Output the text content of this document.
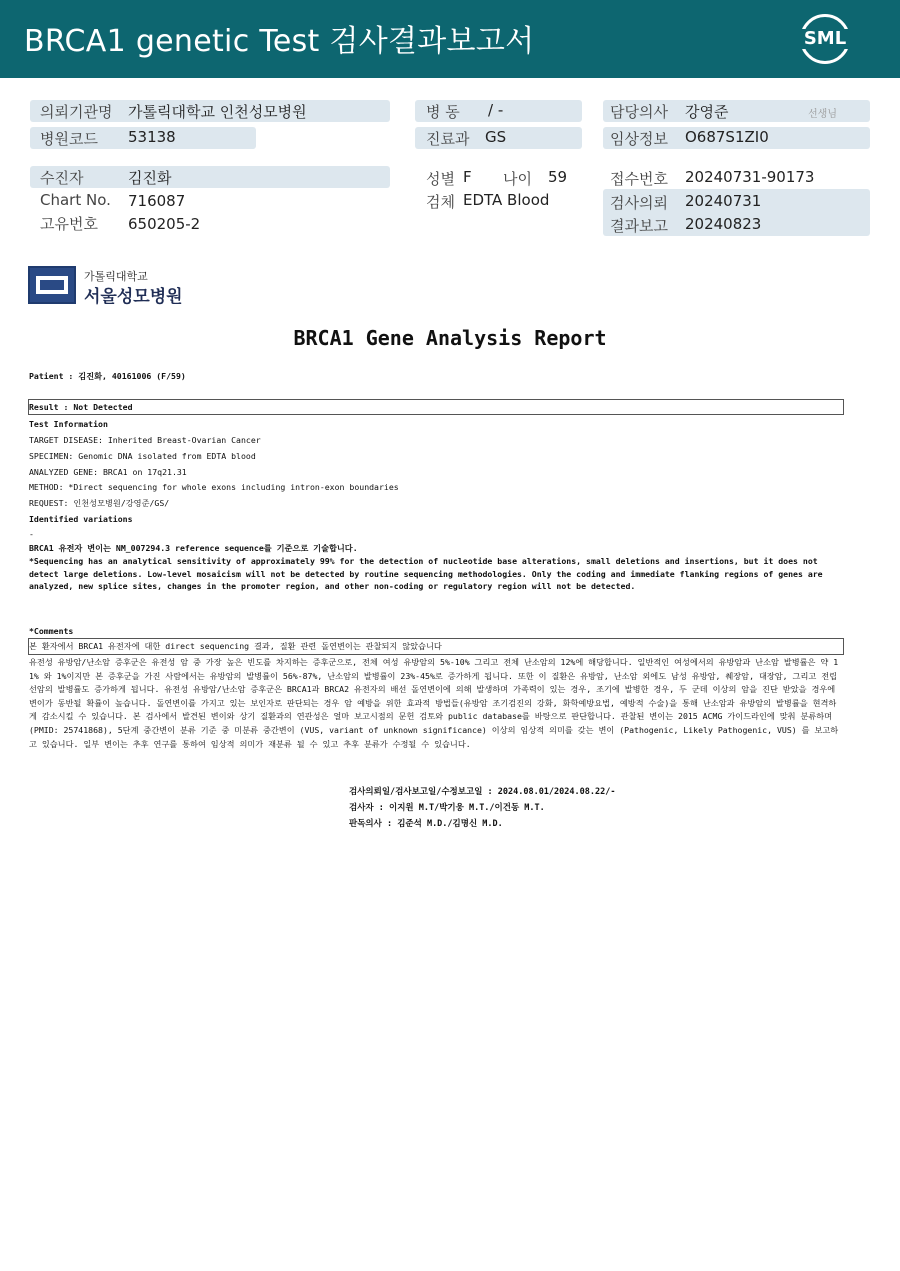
BRCA1 genetic Test 검사결과보고서	SML
의뢰기관명 가톨릭대학교 인천성모병원	병 동 / -	담당의사 강영준	선생님
병원코드 53138	진료과 GS	임상정보 O687S1ZI0
수진자	김진화	성별 F 나이 59	접수번호 20240731-90173
Chart No. 716087	검체 EDTA Blood	검사의뢰 20240731
고유번호 650205-2	결과보고 20240823
가톨릭대학교
서울성모병원
BRCA1 Gene Analysis Report
Patient : 김진화, 40161006 (F/59)
Result : Not Detected
Test Information
TARGET DISEASE: Inherited Breast-Ovarian Cancer
SPECIMEN: Genomic DNA isolated from EDTA blood
ANALYZED GENE: BRCA1 on 17q21.31
METHOD: *Direct sequencing for whole exons including intron-exon boundaries
REQUEST: 인천성모병원/강영준/GS/
Identified variations
-
BRCA1 유전자 변이는 NM_007294.3 reference sequence를 기준으로 기술합니다.
*Sequencing has an analytical sensitivity of approximately 99% for the detection of nucleotide base alterations, small deletions and insertions, but it does not detect large deletions. Low-level mosaicism will not be detected by routine sequencing methodologies. Only the coding and immediate flanking regions of genes are analyzed, new splice sites, changes in the promoter region, and other non-coding or regulatory region will not be detected.
*Comments
본 환자에서 BRCA1 유전자에 대한 direct sequencing 결과, 질환 관련 돌연변이는 관찰되지 않았습니다
유전성 유방암/난소암 증후군은 유전성 암 중 가장 높은 빈도를 차지하는 증후군으로, 전체 여성 유방암의 5%-10% 그리고 전체 난소암의 12%에 해당합니다. 일반적인 여성에서의 유방암과 난소암 발병률은 약 11% 와 1%이지만 본 증후군을 가진 사람에서는 유방암의 발병률이 56%-87%, 난소암의 발병률이 23%-45%로 증가하게 됩니다. 또한 이 질환은 유방암, 난소암 외에도 남성 유방암, 췌장암, 대장암, 그리고 전립선암의 발병률도 증가하게 됩니다. 유전성 유방암/난소암 증후군은 BRCA1과 BRCA2 유전자의 배선 돌연변이에 의해 발생하며 가족력이 있는 경우, 조기에 발병한 경우, 두 군데 이상의 암을 진단 받았을 경우에 변이가 동반될 확률이 높습니다. 돌연변이를 가지고 있는 보인자로 판단되는 경우 암 예방을 위한 효과적 방법들(유방암 조기검진의 강화, 화학예방요법, 예방적 수술)을 통해 난소암과 유방암의 발병률을 현격하게 감소시킬 수 있습니다. 본 검사에서 발견된 변이와 상기 질환과의 연관성은 얼마 보고시점의 문헌 검토와 public database를 바탕으로 판단합니다. 관찰된 변이는 2015 ACMG 가이드라인에 맞춰 분류하며 (PMID: 25741868), 5단계 중간변이 분류 기준 중 미분류 중간변이 (VUS, variant of unknown significance) 이상의 임상적 의미를 갖는 변이 (Pathogenic, Likely Pathogenic, VUS) 를 보고하고 있습니다. 일부 변이는 추후 연구를 통하여 임상적 의미가 재분류 될 수 있고 추후 분류가 수정될 수 있습니다.
검사의뢰일/검사보고일/수정보고일 : 2024.08.01/2024.08.22/-
검사자 : 이지원 M.T/박기웅 M.T./이건동 M.T.
판독의사 : 김준석 M.D./김명신 M.D.
